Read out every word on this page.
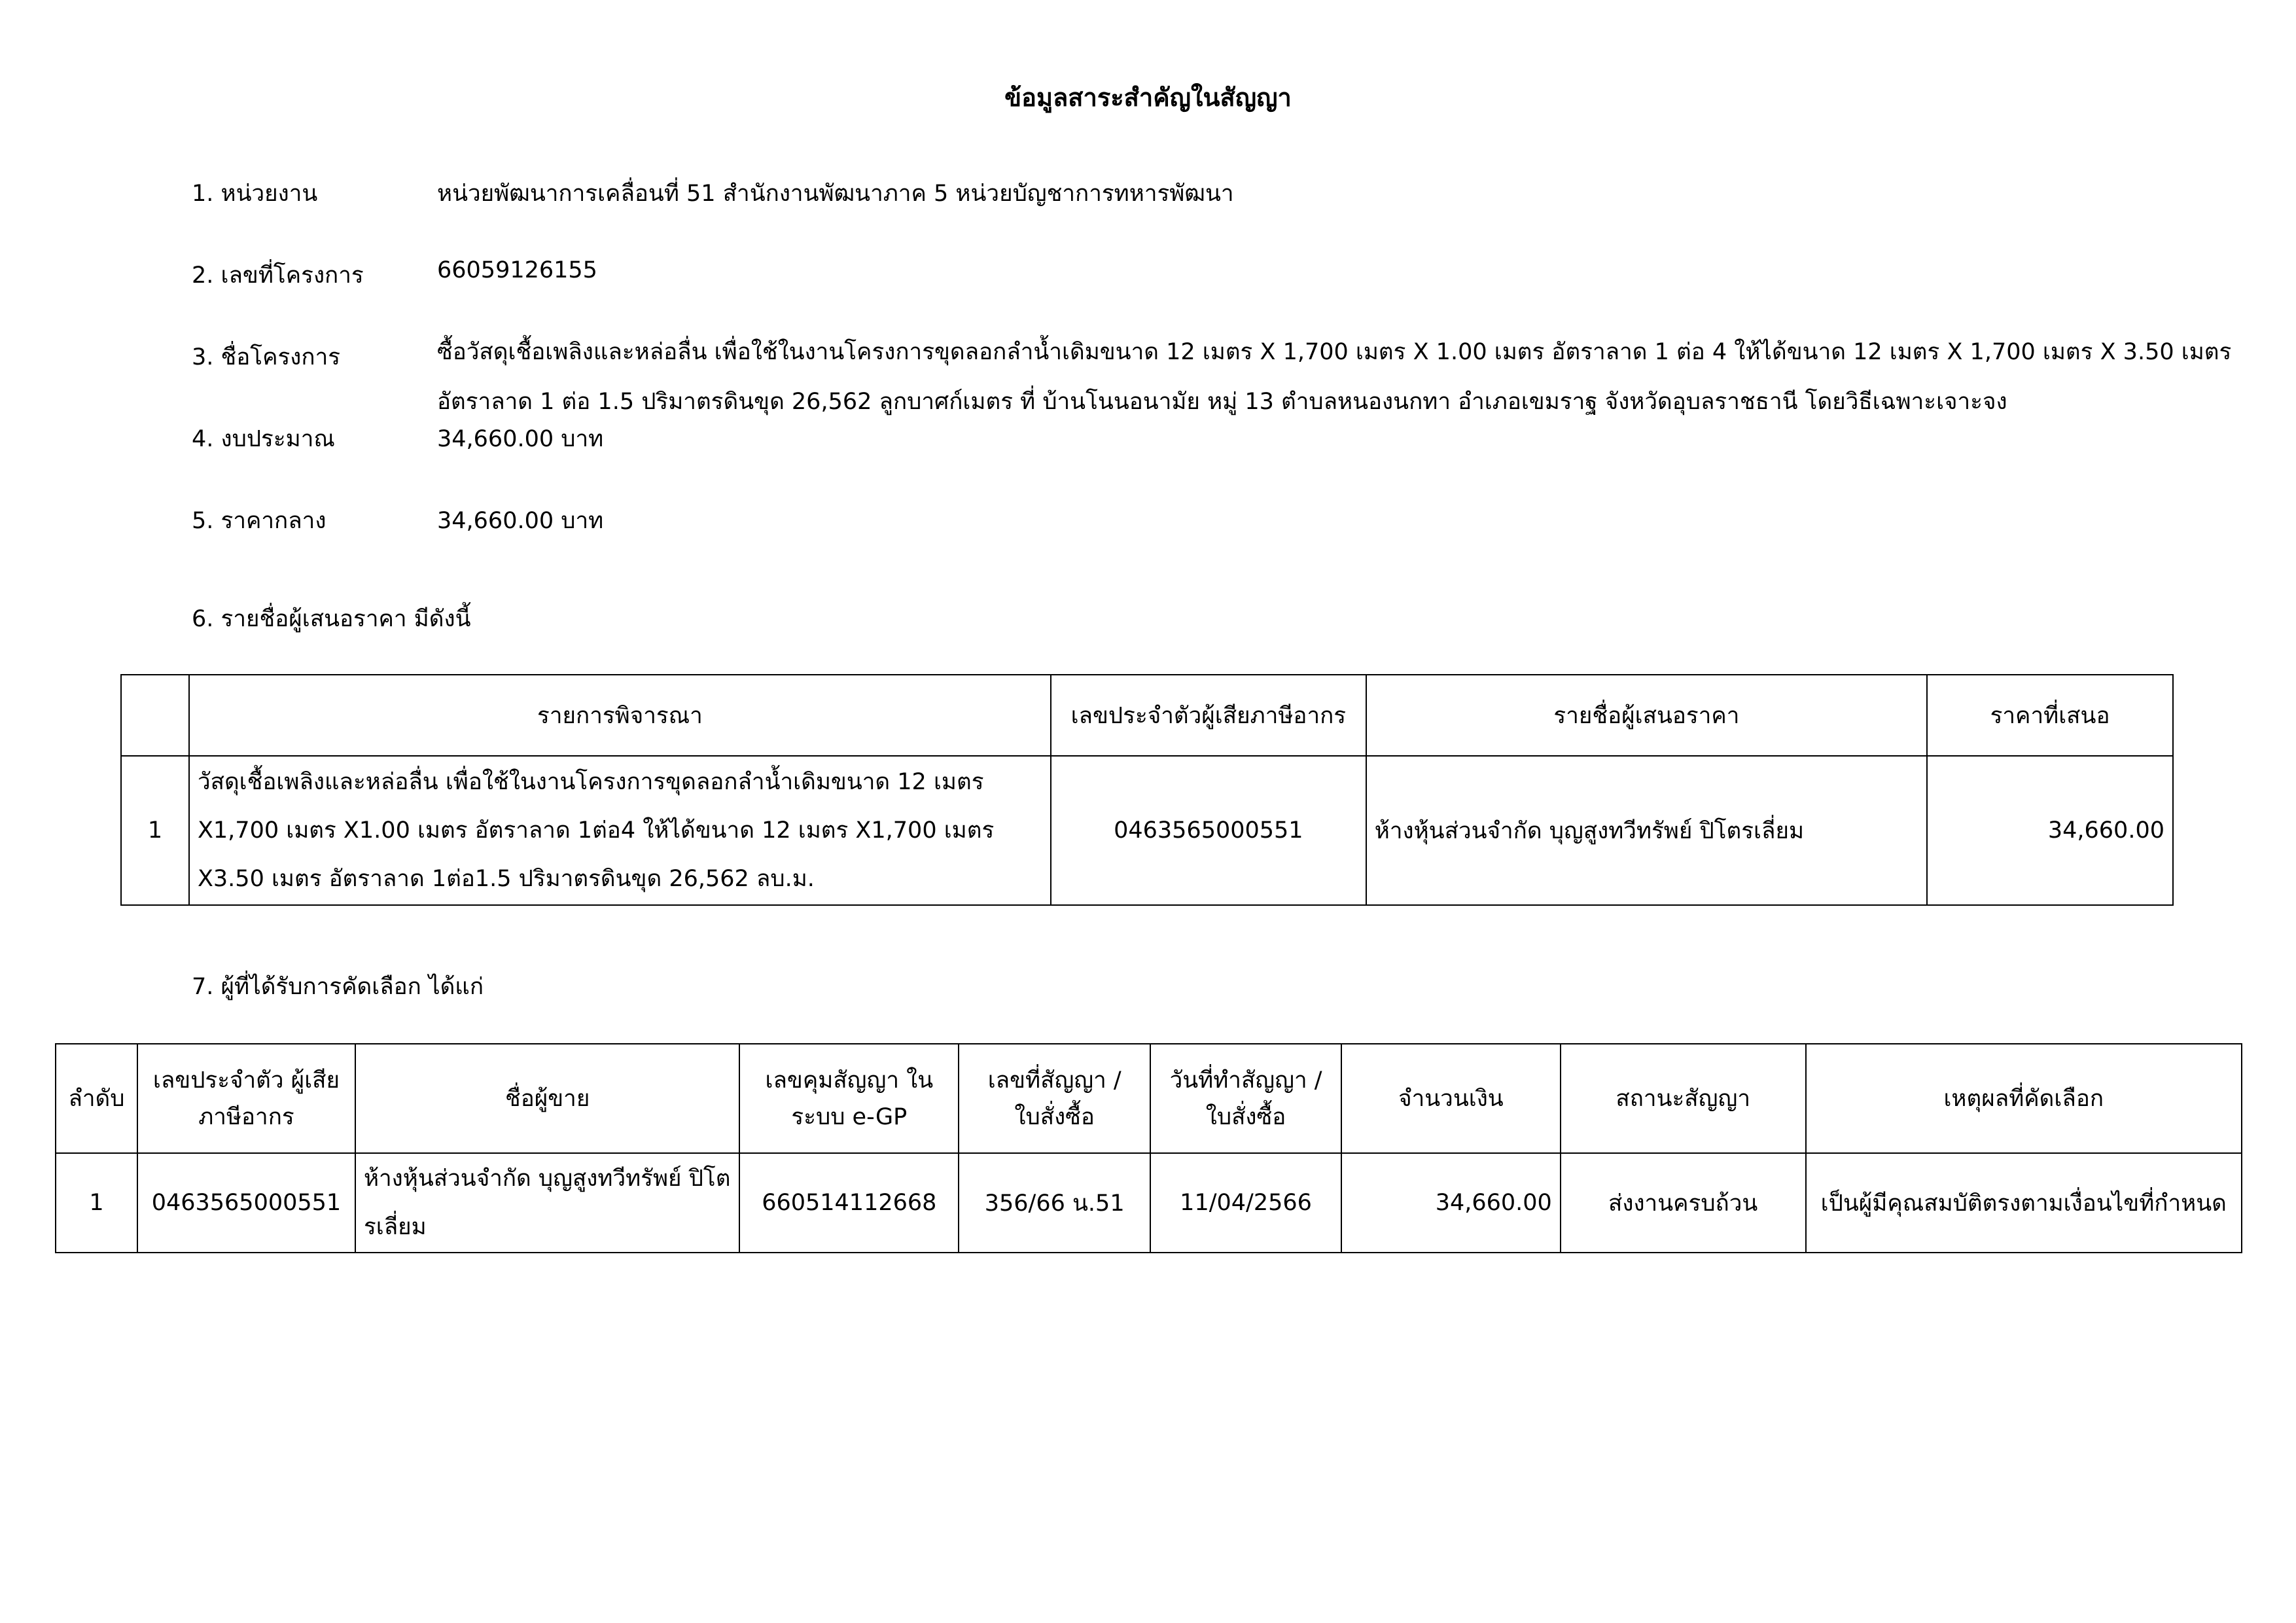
ข้อมูลสาระสำคัญในสัญญา
1. หน่วยงาน	หน่วยพัฒนาการเคลื่อนที่ 51 สำนักงานพัฒนาภาค 5 หน่วยบัญชาการทหารพัฒนา
2. เลขที่โครงการ	66059126155
3. ชื่อโครงการ	ซื้อวัสดุเชื้อเพลิงและหล่อลื่น เพื่อใช้ในงานโครงการขุดลอกลำน้ำเดิมขนาด 12 เมตร X 1,700 เมตร X 1.00 เมตร อัตราลาด 1 ต่อ 4 ให้ได้ขนาด 12 เมตร X 1,700 เมตร X 3.50 เมตร อัตราลาด 1 ต่อ 1.5 ปริมาตรดินขุด 26,562 ลูกบาศก์เมตร ที่ บ้านโนนอนามัย หมู่ 13 ตำบลหนองนกทา อำเภอเขมราฐ จังหวัดอุบลราชธานี โดยวิธีเฉพาะเจาะจง
4. งบประมาณ	34,660.00 บาท
5. ราคากลาง	34,660.00 บาท
6. รายชื่อผู้เสนอราคา มีดังนี้
	รายการพิจารณา	เลขประจำตัวผู้เสียภาษีอากร	รายชื่อผู้เสนอราคา	ราคาที่เสนอ
1	วัสดุเชื้อเพลิงและหล่อลื่น เพื่อใช้ในงานโครงการขุดลอกลำน้ำเดิมขนาด 12 เมตร X1,700 เมตร X1.00 เมตร อัตราลาด 1ต่อ4 ให้ได้ขนาด 12 เมตร X1,700 เมตร X3.50 เมตร อัตราลาด 1ต่อ1.5 ปริมาตรดินขุด 26,562 ลบ.ม.	0463565000551	ห้างหุ้นส่วนจำกัด บุญสูงทวีทรัพย์ ปิโตรเลี่ยม	34,660.00
7. ผู้ที่ได้รับการคัดเลือก ได้แก่
ลำดับ	เลขประจำตัว ผู้เสียภาษีอากร	ชื่อผู้ขาย	เลขคุมสัญญา ในระบบ e-GP	เลขที่สัญญา / ใบสั่งซื้อ	วันที่ทำสัญญา / ใบสั่งซื้อ	จำนวนเงิน	สถานะสัญญา	เหตุผลที่คัดเลือก
1	0463565000551	ห้างหุ้นส่วนจำกัด บุญสูงทวีทรัพย์ ปิโตรเลี่ยม	660514112668	356/66 น.51	11/04/2566	34,660.00	ส่งงานครบถ้วน	เป็นผู้มีคุณสมบัติตรงตามเงื่อนไขที่กำหนด
